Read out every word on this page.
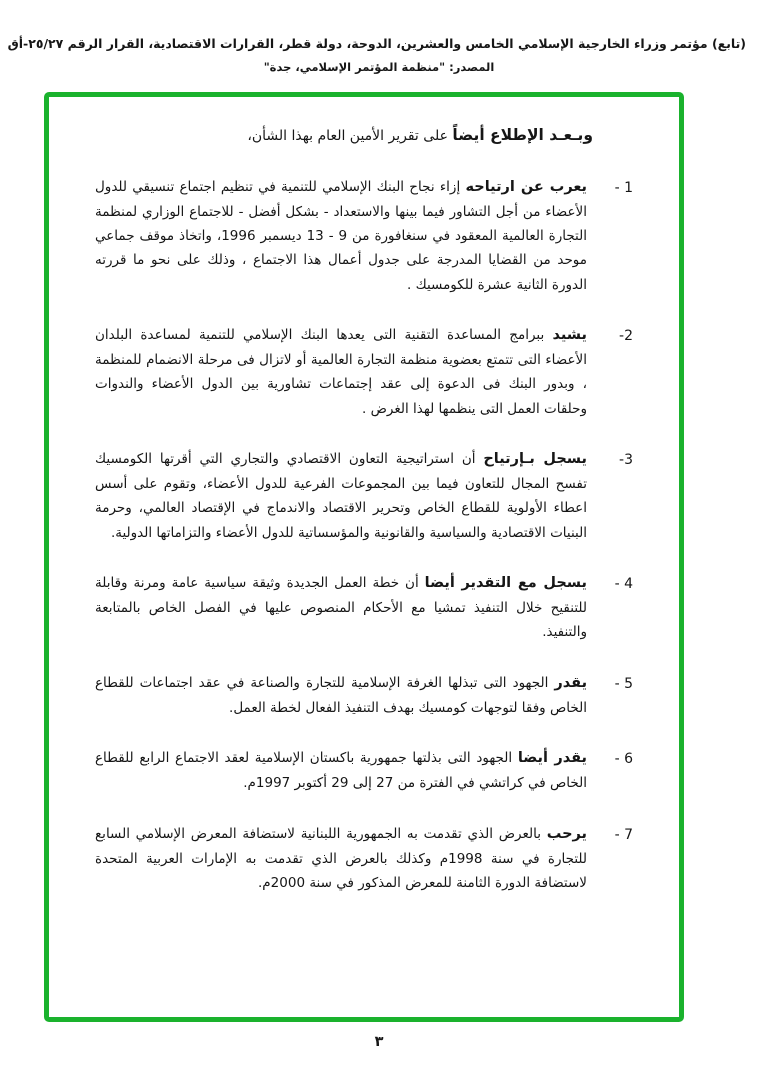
(تابع) مؤتمر وزراء الخارجية الإسلامي الخامس والعشرين، الدوحة، دولة قطر، القرارات الاقتصادية، القرار الرقم ٢٥/٢٧-أق
المصدر: "منظمة المؤتمر الإسلامي، جدة"
وبـعـد الإطلاع أيضاً على تقرير الأمين العام بهذا الشأن،
1 -
يعرب عن ارتياحه إزاء نجاح البنك الإسلامي للتنمية في تنظيم اجتماع تنسيقي للدول الأعضاء من أجل التشاور فيما بينها والاستعداد - بشكل أفضل - للاجتماع الوزاري لمنظمة التجارة العالمية المعقود في سنغافورة من 9 - 13 ديسمبر 1996، واتخاذ موقف جماعي موحد من القضايا المدرجة على جدول أعمال هذا الاجتماع ، وذلك على نحو ما قررته الدورة الثانية عشرة للكومسيك .
2-
يشيد ببرامج المساعدة التقنية التى يعدها البنك الإسلامي للتنمية لمساعدة البلدان الأعضاء التى تتمتع بعضوية منظمة التجارة العالمية أو لاتزال فى مرحلة الانضمام للمنظمة ، وبدور البنك فى الدعوة إلى عقد إجتماعات تشاورية بين الدول الأعضاء والندوات وحلقات العمل التى ينظمها لهذا الغرض .
3-
يسجل بـإرتياح أن استراتيجية التعاون الاقتصادي والتجاري التي أقرتها الكومسيك تفسح المجال للتعاون فيما بين المجموعات الفرعية للدول الأعضاء، وتقوم على أسس اعطاء الأولوية للقطاع الخاص وتحرير الاقتصاد والاندماج في الإقتصاد العالمي، وحرمة البنيات الاقتصادية والسياسية والقانونية والمؤسساتية للدول الأعضاء والتزاماتها الدولية.
4 -
يسجل مع التقدير أيضا أن خطة العمل الجديدة وثيقة سياسية عامة ومرنة وقابلة للتنقيح خلال التنفيذ تمشيا مع الأحكام المنصوص عليها في الفصل الخاص بالمتابعة والتنفيذ.
5 -
يقدر الجهود التى تبذلها الغرفة الإسلامية للتجارة والصناعة في عقد اجتماعات للقطاع الخاص وفقا لتوجهات كومسيك بهدف التنفيذ الفعال لخطة العمل.
6 -
يقدر أيضا الجهود التى بذلتها جمهورية باكستان الإسلامية لعقد الاجتماع الرابع للقطاع الخاص في كراتشي في الفترة من 27 إلى 29 أكتوبر 1997م.
7 -
يرحب بالعرض الذي تقدمت به الجمهورية اللبنانية لاستضافة المعرض الإسلامي السابع للتجارة في سنة 1998م وكذلك بالعرض الذي تقدمت به الإمارات العربية المتحدة لاستضافة الدورة الثامنة للمعرض المذكور في سنة 2000م.
٣
